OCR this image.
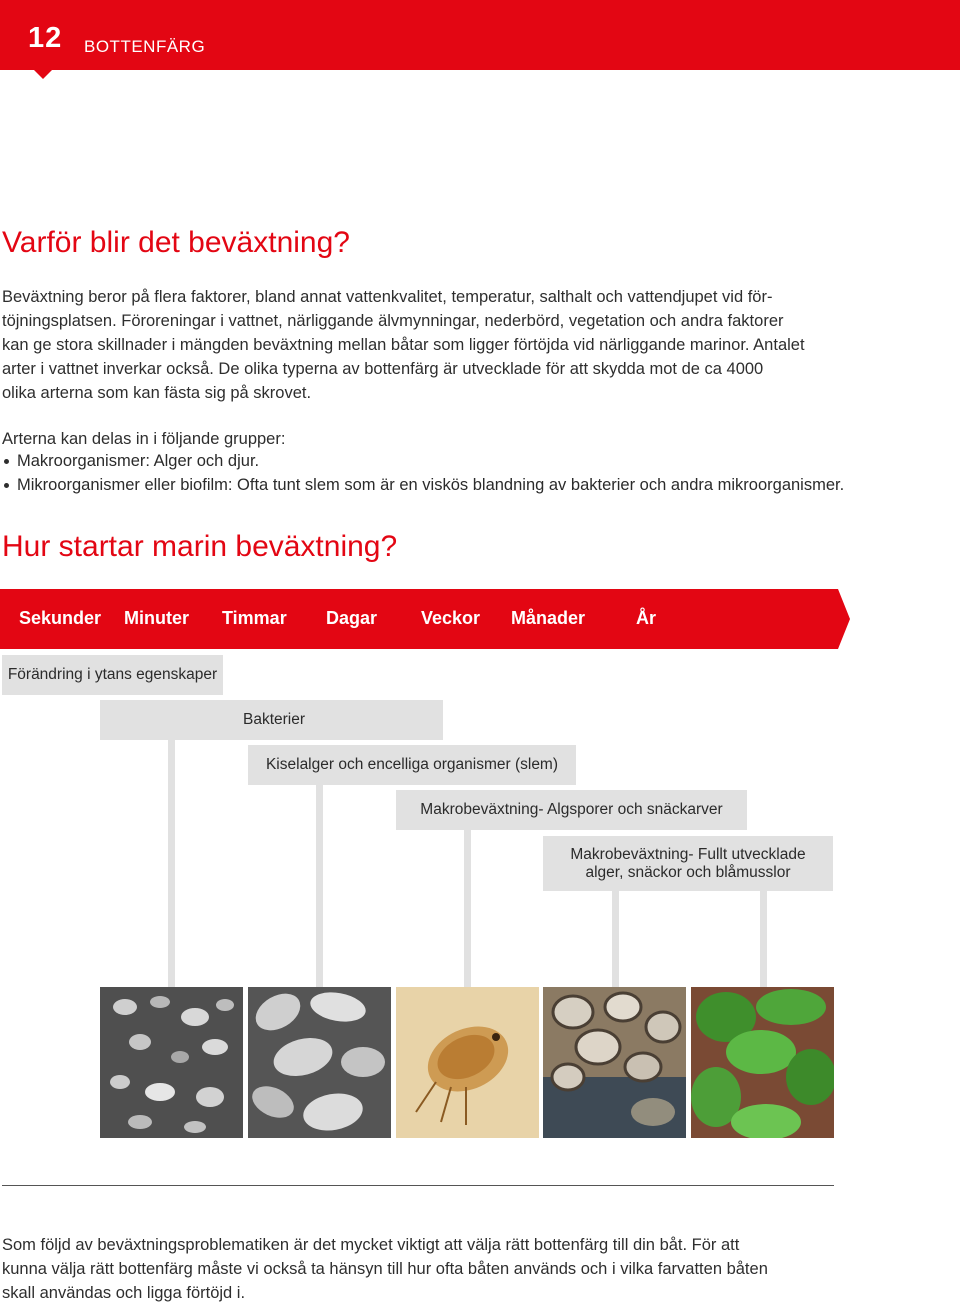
12 BOTTENFÄRG
Varför blir det beväxtning?
Beväxtning beror på flera faktorer, bland annat vattenkvalitet, temperatur, salthalt och vattendjupet vid för-
töjningsplatsen. Föroreningar i vattnet, närliggande älvmynningar, nederbörd, vegetation och andra faktorer
kan ge stora skillnader i mängden beväxtning mellan båtar som ligger förtöjda vid närliggande marinor. Antalet
arter i vattnet inverkar också. De olika typerna av bottenfärg är utvecklade för att skydda mot de ca 4000
olika arterna som kan fästa sig på skrovet.
Arterna kan delas in i följande grupper:
Makroorganismer: Alger och djur.
Mikroorganismer eller biofilm: Ofta tunt slem som är en viskös blandning av bakterier och andra mikroorganismer.
Hur startar marin beväxtning?
Sekunder Minuter Timmar Dagar Veckor Månader	År
Förändring i ytans egenskaper
Bakterier
Kiselalger och encelliga organismer (slem)
Makrobeväxtning- Algsporer och snäckarver
Makrobeväxtning- Fullt utvecklade
alger, snäckor och blåmusslor
Som följd av beväxtningsproblematiken är det mycket viktigt att välja rätt bottenfärg till din båt. För att
kunna välja rätt bottenfärg måste vi också ta hänsyn till hur ofta båten används och i vilka farvatten båten
skall användas och ligga förtöjd i.
